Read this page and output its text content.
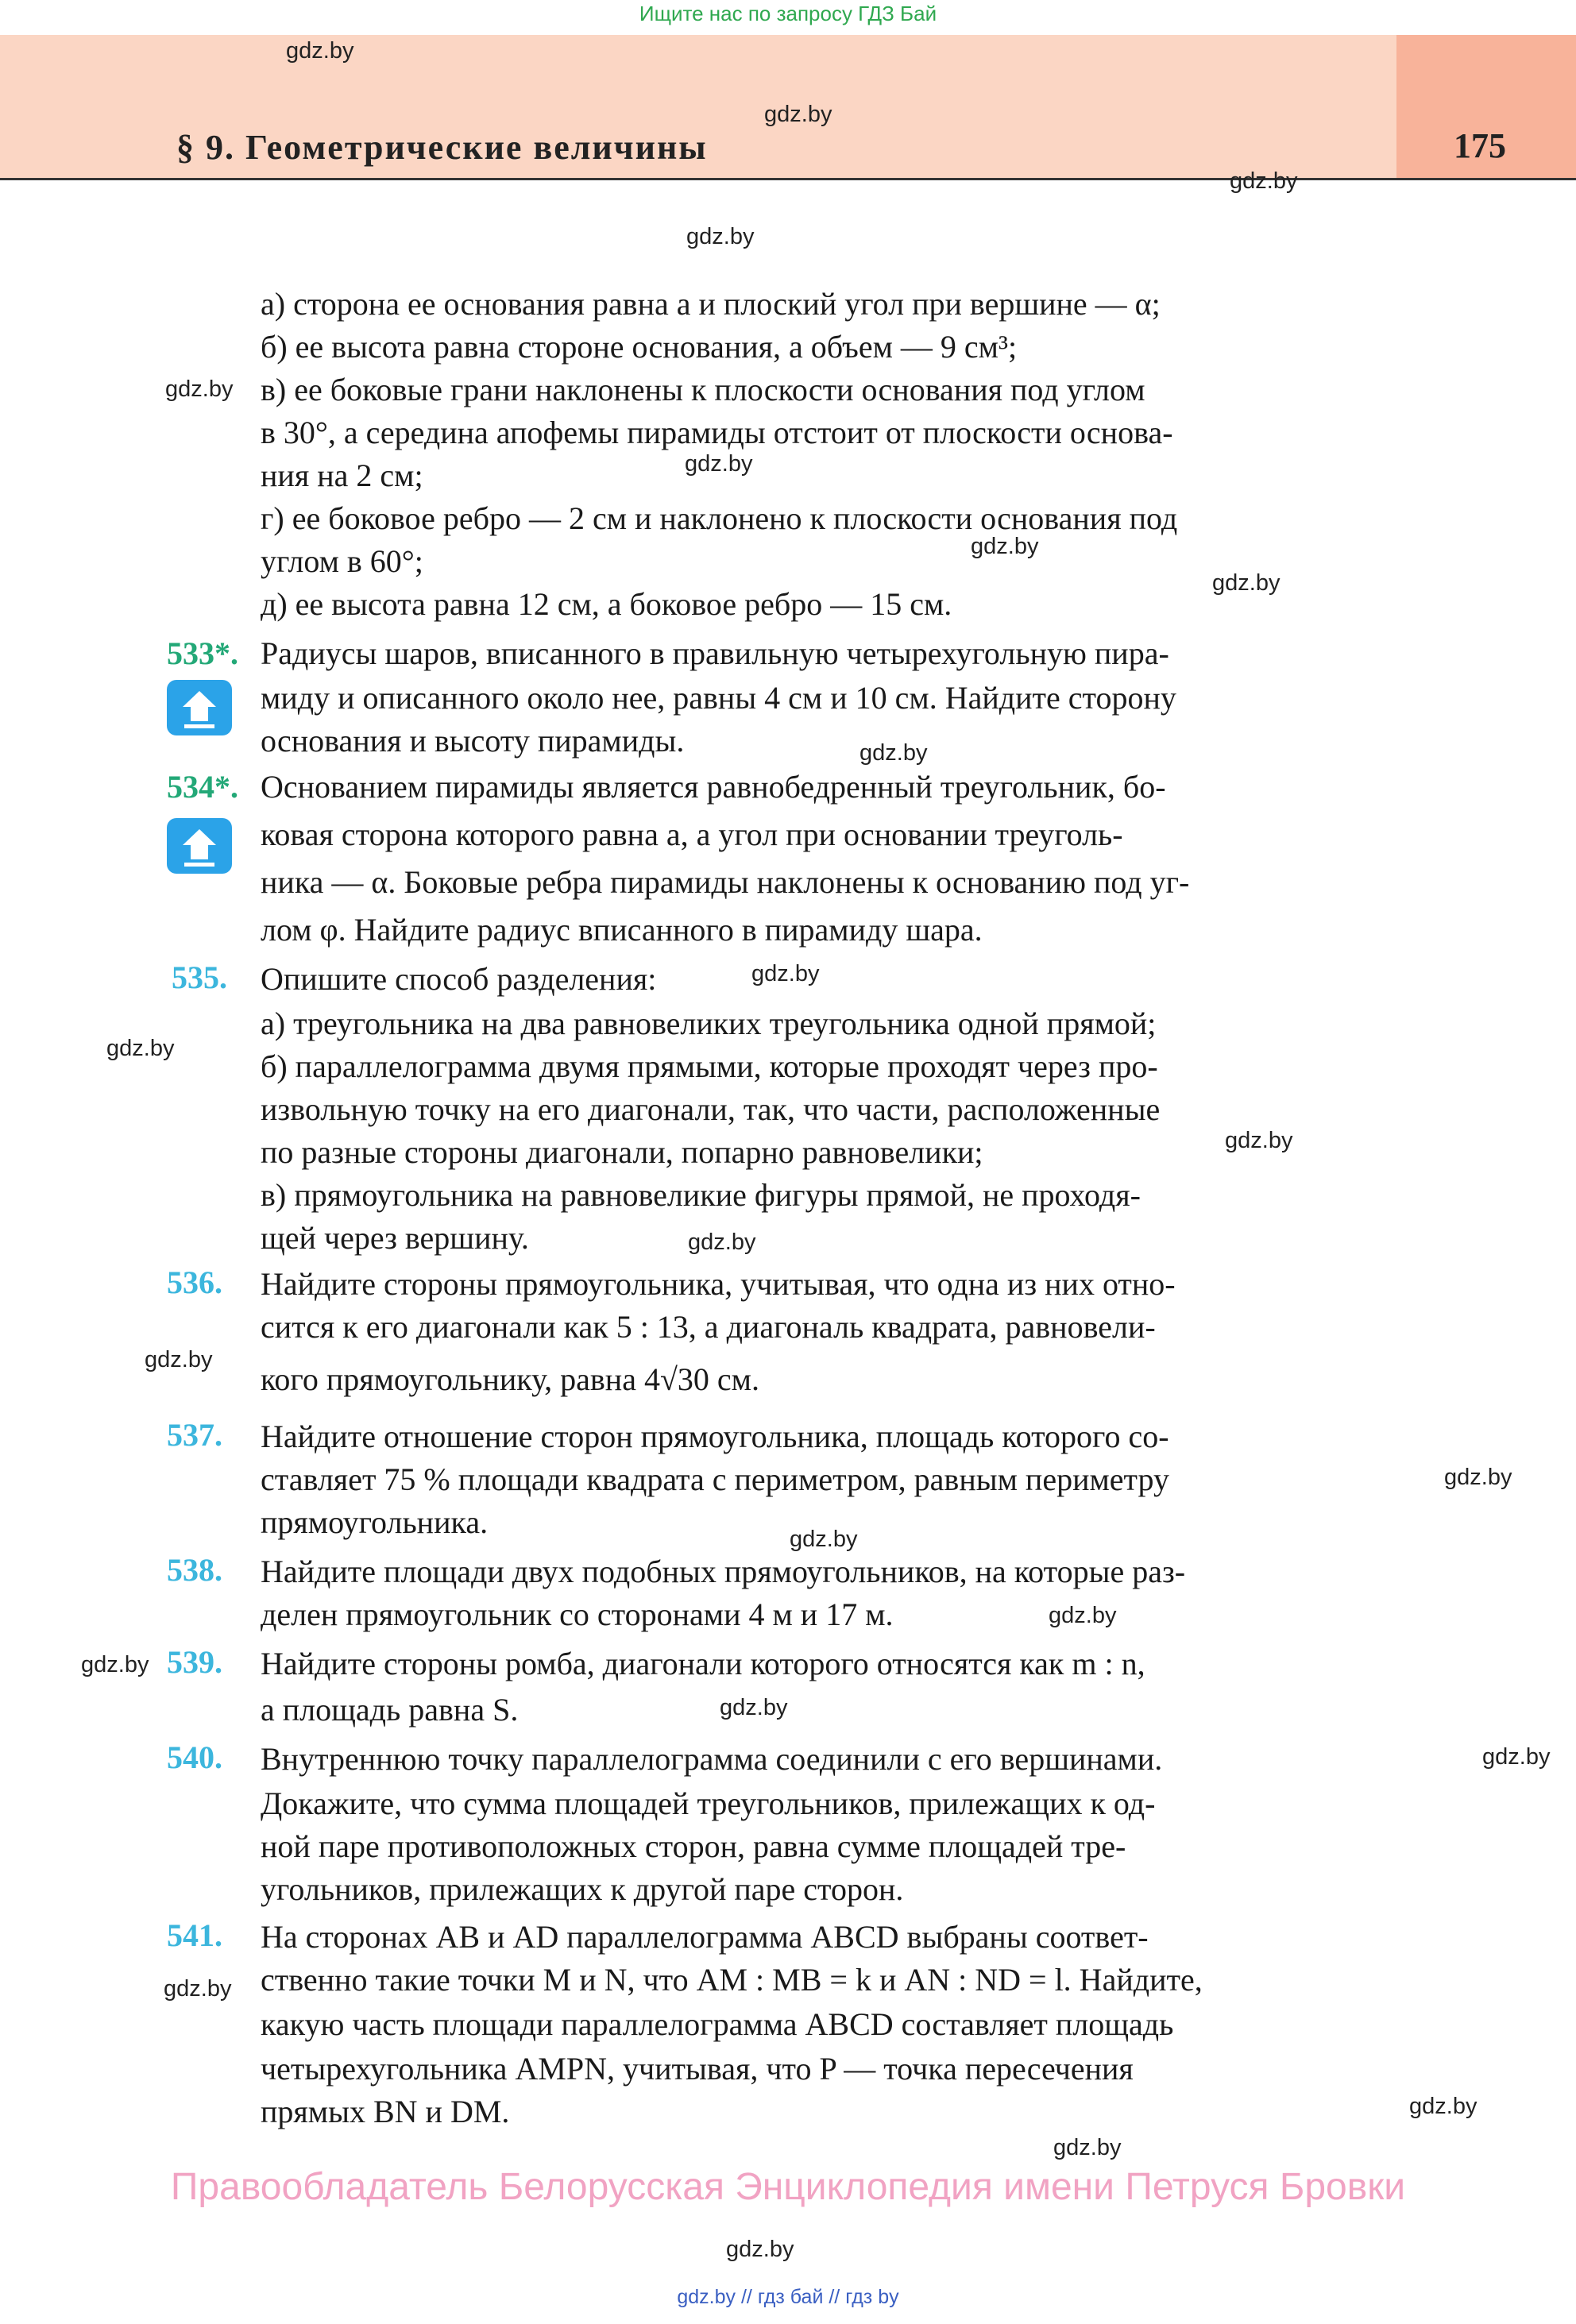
Ищите нас по запросу ГДЗ Бай
§ 9. Геометрические величины	175
gdz.by
gdz.by
gdz.by
gdz.by
gdz.by
gdz.by
gdz.by
gdz.by
gdz.by
gdz.by
gdz.by
gdz.by
gdz.by
gdz.by
gdz.by
gdz.by
gdz.by
gdz.by
gdz.by
gdz.by
gdz.by
gdz.by
gdz.by
gdz.by
а) сторона ее основания равна a и плоский угол при вершине — α;
б) ее высота равна стороне основания, а объем — 9 см³;
в) ее боковые грани наклонены к плоскости основания под углом
в 30°, а середина апофемы пирамиды отстоит от плоскости основа-
ния на 2 см;
г) ее боковое ребро — 2 см и наклонено к плоскости основания под
углом в 60°;
д) ее высота равна 12 см, а боковое ребро — 15 см.
533*. Радиусы шаров, вписанного в правильную четырехугольную пира-
миду и описанного около нее, равны 4 см и 10 см. Найдите сторону
основания и высоту пирамиды.
534*. Основанием пирамиды является равнобедренный треугольник, бо-
ковая сторона которого равна a, а угол при основании треуголь-
ника — α. Боковые ребра пирамиды наклонены к основанию под уг-
лом φ. Найдите радиус вписанного в пирамиду шара.
535. Опишите способ разделения:
а) треугольника на два равновеликих треугольника одной прямой;
б) параллелограмма двумя прямыми, которые проходят через про-
извольную точку на его диагонали, так, что части, расположенные
по разные стороны диагонали, попарно равновелики;
в) прямоугольника на равновеликие фигуры прямой, не проходя-
щей через вершину.
536. Найдите стороны прямоугольника, учитывая, что одна из них отно-
сится к его диагонали как 5 : 13, а диагональ квадрата, равновели-
кого прямоугольнику, равна 4√30 см.
537. Найдите отношение сторон прямоугольника, площадь которого со-
ставляет 75 % площади квадрата с периметром, равным периметру
прямоугольника.
538. Найдите площади двух подобных прямоугольников, на которые раз-
делен прямоугольник со сторонами 4 м и 17 м.
539. Найдите стороны ромба, диагонали которого относятся как m : n,
а площадь равна S.
540. Внутреннюю точку параллелограмма соединили с его вершинами.
Докажите, что сумма площадей треугольников, прилежащих к од-
ной паре противоположных сторон, равна сумме площадей тре-
угольников, прилежащих к другой паре сторон.
541. На сторонах AB и AD параллелограмма ABCD выбраны соответ-
ственно такие точки M и N, что AM : MB = k и AN : ND = l. Найдите,
какую часть площади параллелограмма ABCD составляет площадь
четырехугольника AMPN, учитывая, что P — точка пересечения
прямых BN и DM.
Правообладатель Белорусская Энциклопедия имени Петруся Бровки
gdz.by // гдз бай // гдз by
